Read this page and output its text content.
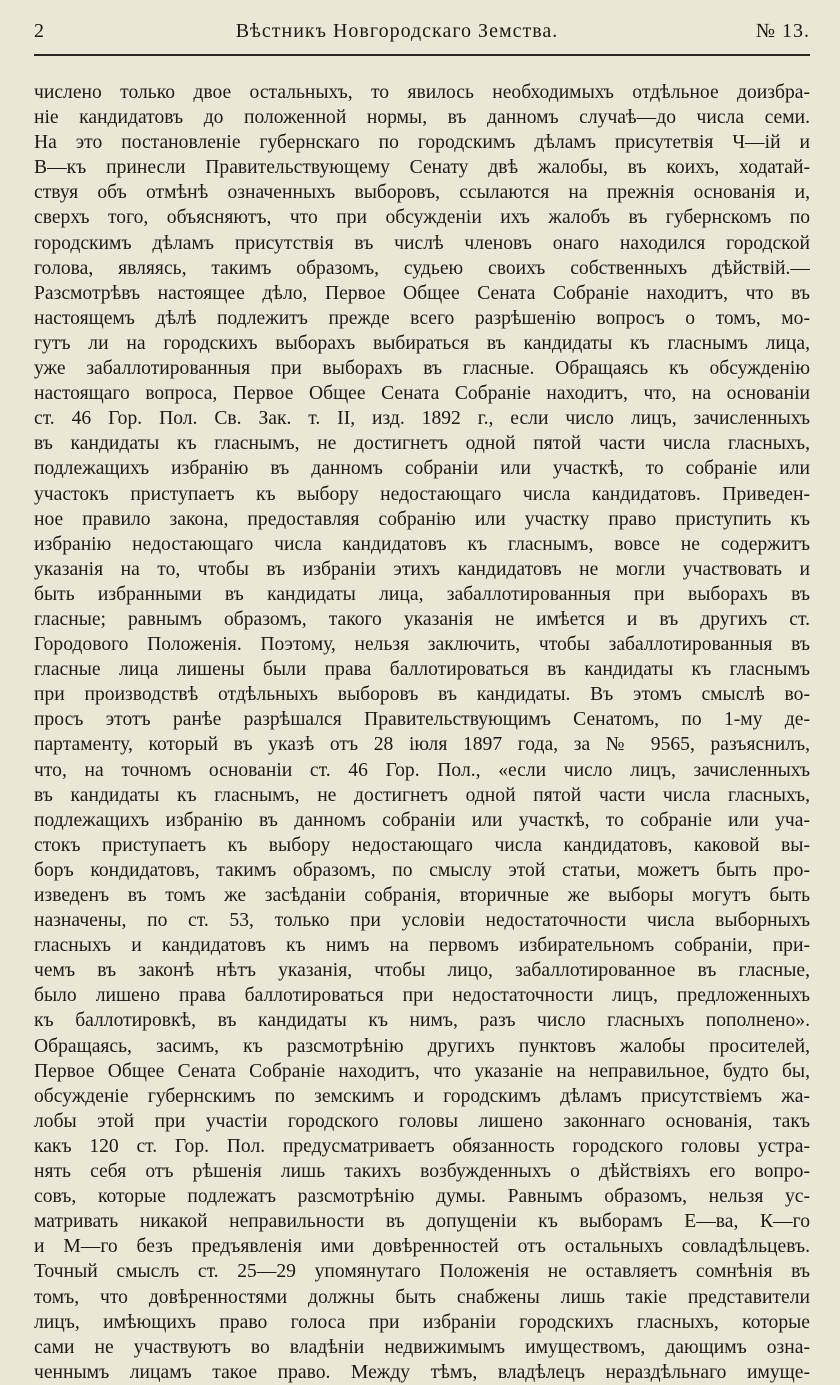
2	Вѣстникъ Новгородскаго Земства.	№ 13.
числено только двое остальныхъ, то явилось необходимыхъ отдѣльное доизбра-
ніе кандидатовъ до положенной нормы, въ данномъ случаѣ—до числа семи.
На это постановленіе губернскаго по городскимъ дѣламъ присутетвія Ч—ій и
В—къ принесли Правительствующему Сенату двѣ жалобы, въ коихъ, ходатай-
ствуя объ отмѣнѣ означенныхъ выборовъ, ссылаются на прежнія основанія и,
сверхъ того, объясняютъ, что при обсужденіи ихъ жалобъ въ губернскомъ по
городскимъ дѣламъ присутствія въ числѣ членовъ онаго находился городской
голова, являясь, такимъ образомъ, судьею своихъ собственныхъ дѣйствій.—
Разсмотрѣвъ настоящее дѣло, Первое Общее Сената Собраніе находитъ, что въ
настоящемъ дѣлѣ подлежитъ прежде всего разрѣшенію вопросъ о томъ, мо-
гутъ ли на городскихъ выборахъ выбираться въ кандидаты къ гласнымъ лица,
уже забаллотированныя при выборахъ въ гласные. Обращаясь къ обсужденію
настоящаго вопроса, Первое Общее Сената Собраніе находитъ, что, на основаніи
ст. 46 Гор. Пол. Св. Зак. т. II, изд. 1892 г., если число лицъ, зачисленныхъ
въ кандидаты къ гласнымъ, не достигнетъ одной пятой части числа гласныхъ,
подлежащихъ избранію въ данномъ собраніи или участкѣ, то собраніе или
участокъ приступаетъ къ выбору недостающаго числа кандидатовъ. Приведен-
ное правило закона, предоставляя собранію или участку право приступить къ
избранію недостающаго числа кандидатовъ къ гласнымъ, вовсе не содержитъ
указанія на то, чтобы въ избраніи этихъ кандидатовъ не могли участвовать и
быть избранными въ кандидаты лица, забаллотированныя при выборахъ въ
гласные; равнымъ образомъ, такого указанія не имѣется и въ другихъ ст.
Городового Положенія. Поэтому, нельзя заключить, чтобы забаллотированныя въ
гласные лица лишены были права баллотироваться въ кандидаты къ гласнымъ
при производствѣ отдѣльныхъ выборовъ въ кандидаты. Въ этомъ смыслѣ во-
просъ этотъ ранѣе разрѣшался Правительствующимъ Сенатомъ, по 1-му де-
партаменту, который въ указѣ отъ 28 іюля 1897 года, за № 9565, разъяснилъ,
что, на точномъ основаніи ст. 46 Гор. Пол., «если число лицъ, зачисленныхъ
въ кандидаты къ гласнымъ, не достигнетъ одной пятой части числа гласныхъ,
подлежащихъ избранію въ данномъ собраніи или участкѣ, то собраніе или уча-
стокъ приступаетъ къ выбору недостающаго числа кандидатовъ, каковой вы-
боръ кондидатовъ, такимъ образомъ, по смыслу этой статьи, можетъ быть про-
изведенъ въ томъ же засѣданіи собранія, вторичные же выборы могутъ быть
назначены, по ст. 53, только при условіи недостаточности числа выборныхъ
гласныхъ и кандидатовъ къ нимъ на первомъ избирательномъ собраніи, при-
чемъ въ законѣ нѣтъ указанія, чтобы лицо, забаллотированное въ гласные,
было лишено права баллотироваться при недостаточности лицъ, предложенныхъ
къ баллотировкѣ, въ кандидаты къ нимъ, разъ число гласныхъ пополнено».
Обращаясь, засимъ, къ разсмотрѣнію другихъ пунктовъ жалобы просителей,
Первое Общее Сената Собраніе находитъ, что указаніе на неправильное, будто бы,
обсужденіе губернскимъ по земскимъ и городскимъ дѣламъ присутствіемъ жа-
лобы этой при участіи городского головы лишено законнаго основанія, такъ
какъ 120 ст. Гор. Пол. предусматриваетъ обязанность городского головы устра-
нять себя отъ рѣшенія лишь такихъ возбужденныхъ о дѣйствіяхъ его вопро-
совъ, которые подлежатъ разсмотрѣнію думы. Равнымъ образомъ, нельзя ус-
матривать никакой неправильности въ допущеніи къ выборамъ Е—ва, К—го
и М—го безъ предъявленія ими довѣренностей отъ остальныхъ совладѣльцевъ.
Точный смыслъ ст. 25—29 упомянутаго Положенія не оставляетъ сомнѣнія въ
томъ, что довѣренностями должны быть снабжены лишь такіе представители
лицъ, имѣющихъ право голоса при избраніи городскихъ гласныхъ, которые
сами не участвуютъ во владѣніи недвижимымъ имуществомъ, дающимъ озна-
ченнымъ лицамъ такое право. Между тѣмъ, владѣлецъ нераздѣльнаго имуще-
